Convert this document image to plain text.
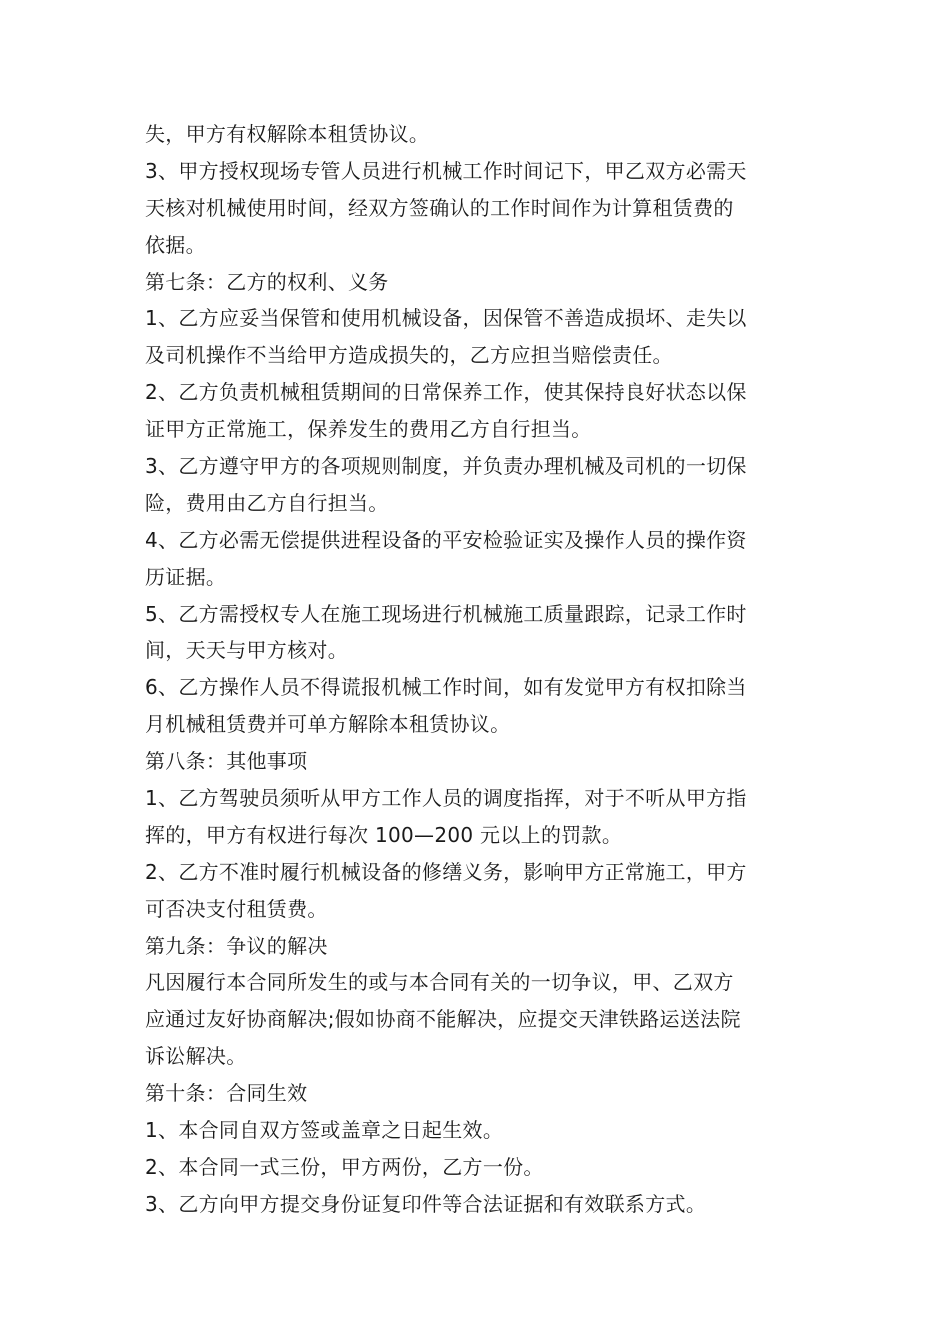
失，甲方有权解除本租赁协议。
3、甲方授权现场专管人员进行机械工作时间记下，甲乙双方必需天
天核对机械使用时间，经双方签确认的工作时间作为计算租赁费的
依据。
第七条：乙方的权利、义务
1、乙方应妥当保管和使用机械设备，因保管不善造成损坏、走失以
及司机操作不当给甲方造成损失的，乙方应担当赔偿责任。
2、乙方负责机械租赁期间的日常保养工作，使其保持良好状态以保
证甲方正常施工，保养发生的费用乙方自行担当。
3、乙方遵守甲方的各项规则制度，并负责办理机械及司机的一切保
险，费用由乙方自行担当。
4、乙方必需无偿提供进程设备的平安检验证实及操作人员的操作资
历证据。
5、乙方需授权专人在施工现场进行机械施工质量跟踪，记录工作时
间，天天与甲方核对。
6、乙方操作人员不得谎报机械工作时间，如有发觉甲方有权扣除当
月机械租赁费并可单方解除本租赁协议。
第八条：其他事项
1、乙方驾驶员须听从甲方工作人员的调度指挥，对于不听从甲方指
挥的，甲方有权进行每次 100—200 元以上的罚款。
2、乙方不准时履行机械设备的修缮义务，影响甲方正常施工，甲方
可否决支付租赁费。
第九条：争议的解决
凡因履行本合同所发生的或与本合同有关的一切争议，甲、乙双方
应通过友好协商解决;假如协商不能解决，应提交天津铁路运送法院
诉讼解决。
第十条：合同生效
1、本合同自双方签或盖章之日起生效。
2、本合同一式三份，甲方两份，乙方一份。
3、乙方向甲方提交身份证复印件等合法证据和有效联系方式。
